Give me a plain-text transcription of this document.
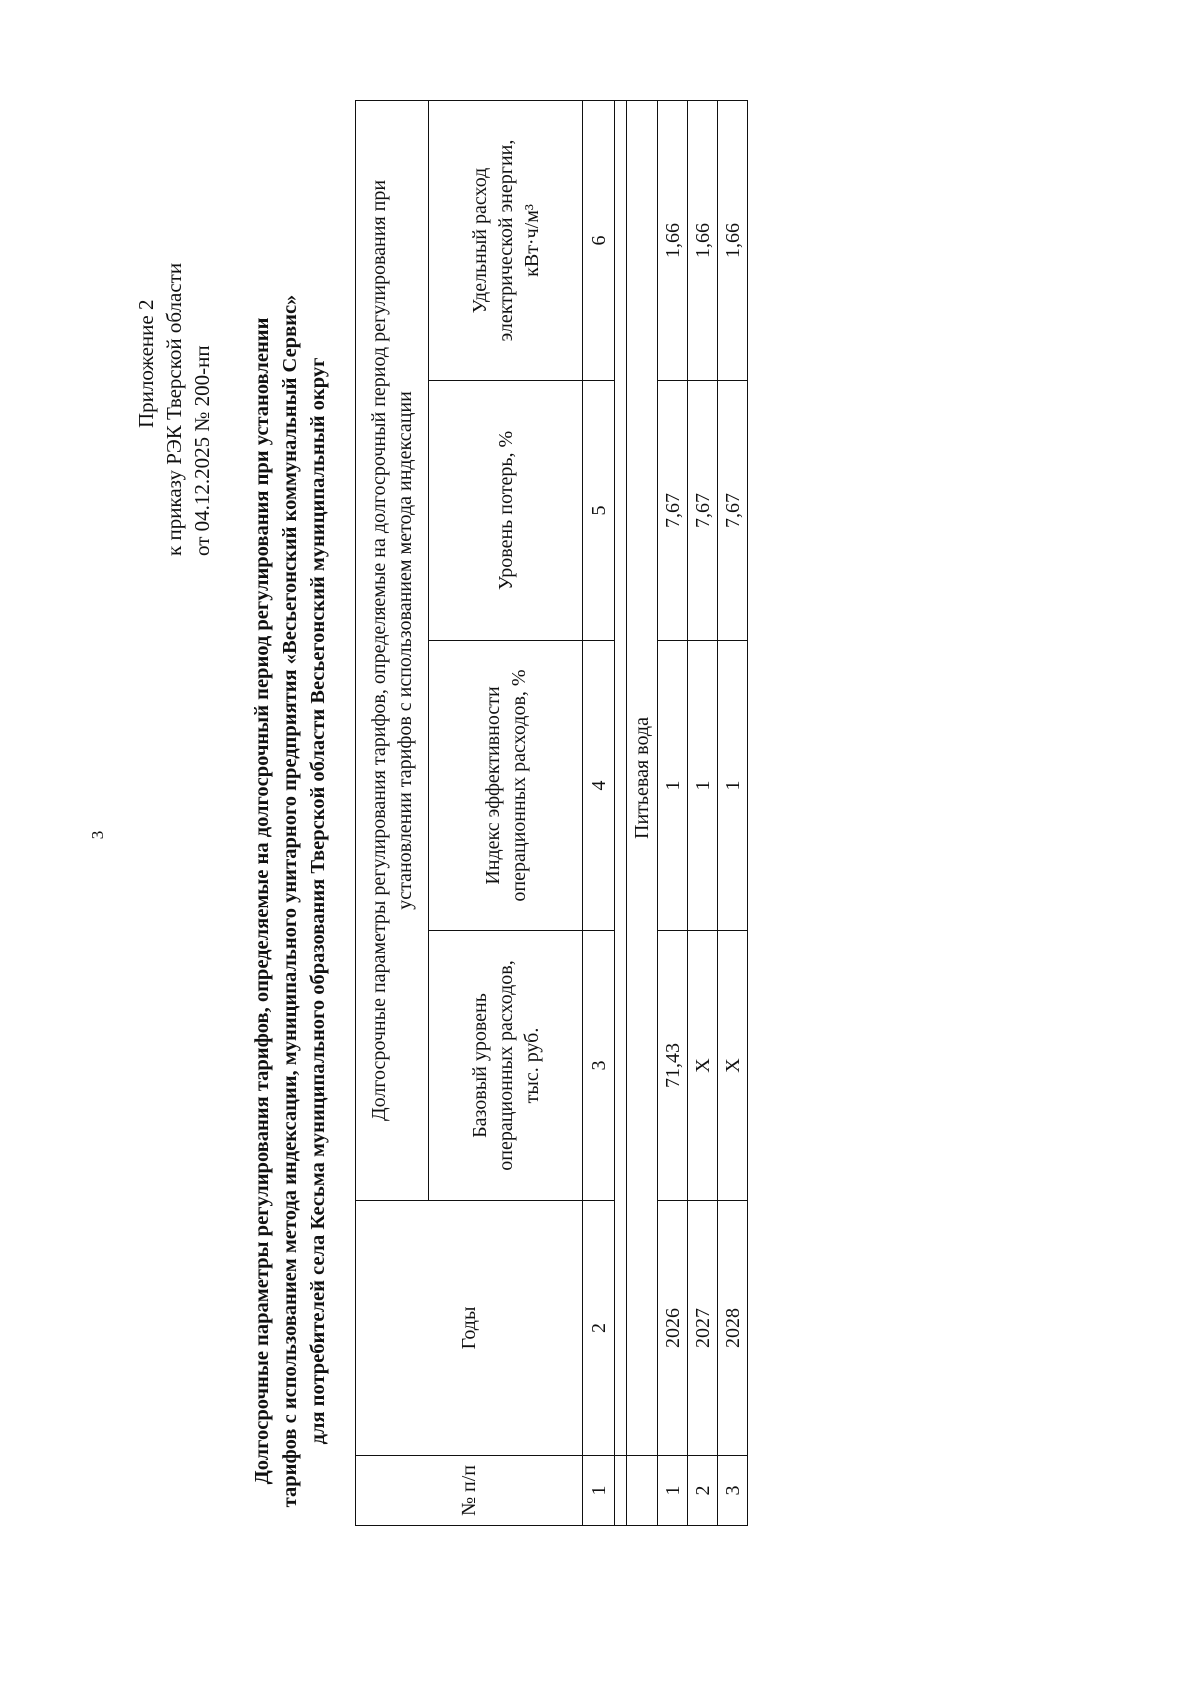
3
Приложение 2 к приказу РЭК Тверской области от 04.12.2025 № 200-нп Долгосрочные параметры регулирования тарифов, определяемые на долгосрочный период регулирования при установлении тарифов с использованием метода индексации, муниципального унитарного предприятия «Весьегонский коммунальный Сервис» для потребителей села Кесьма муниципального образования Тверской области Весьегонский муниципальный округ
№ п/п	Годы	Долгосрочные параметры регулирования тарифов, определяемые на долгосрочный период регулирования при установлении тарифов с использованием метода индексации			
		Базовый уровень операционных расходов, тыс. руб.	Индекс эффективности операционных расходов, %	Уровень потерь, %	Удельный расход электрической энергии, кВт·ч/м³
1	2	3	4	5	6

	Питьевая вода				
1	2026	71,43	1	7,67	1,66
2	2027	Х	1	7,67	1,66
3	2028	Х	1	7,67	1,66
